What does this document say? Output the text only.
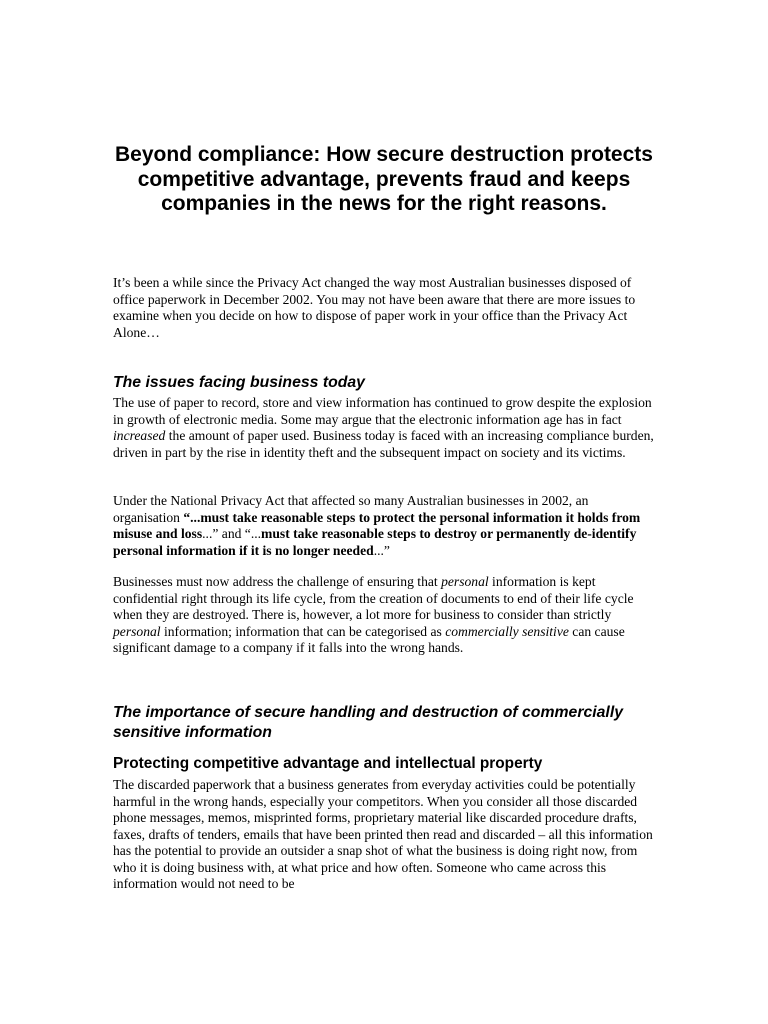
Beyond compliance: How secure destruction protects competitive advantage, prevents fraud and keeps companies in the news for the right reasons.

It’s been a while since the Privacy Act changed the way most Australian businesses disposed of office paperwork in December 2002. You may not have been aware that there are more issues to examine when you decide on how to dispose of paper work in your office than the Privacy Act Alone…

The issues facing business today

The use of paper to record, store and view information has continued to grow despite the explosion in growth of electronic media. Some may argue that the electronic information age has in fact increased the amount of paper used. Business today is faced with an increasing compliance burden, driven in part by the rise in identity theft and the subsequent impact on society and its victims.

Under the National Privacy Act that affected so many Australian businesses in 2002, an organisation “...must take reasonable steps to protect the personal information it holds from misuse and loss...” and “...must take reasonable steps to destroy or permanently de-identify personal information if it is no longer needed...”

Businesses must now address the challenge of ensuring that personal information is kept confidential right through its life cycle, from the creation of documents to end of their life cycle when they are destroyed. There is, however, a lot more for business to consider than strictly personal information; information that can be categorised as commercially sensitive can cause significant damage to a company if it falls into the wrong hands.

The importance of secure handling and destruction of commercially sensitive information
Protecting competitive advantage and intellectual property

The discarded paperwork that a business generates from everyday activities could be potentially harmful in the wrong hands, especially your competitors. When you consider all those discarded phone messages, memos, misprinted forms, proprietary material like discarded procedure drafts, faxes, drafts of tenders, emails that have been printed then read and discarded – all this information has the potential to provide an outsider a snap shot of what the business is doing right now, from who it is doing business with, at what price and how often. Someone who came across this information would not need to be
